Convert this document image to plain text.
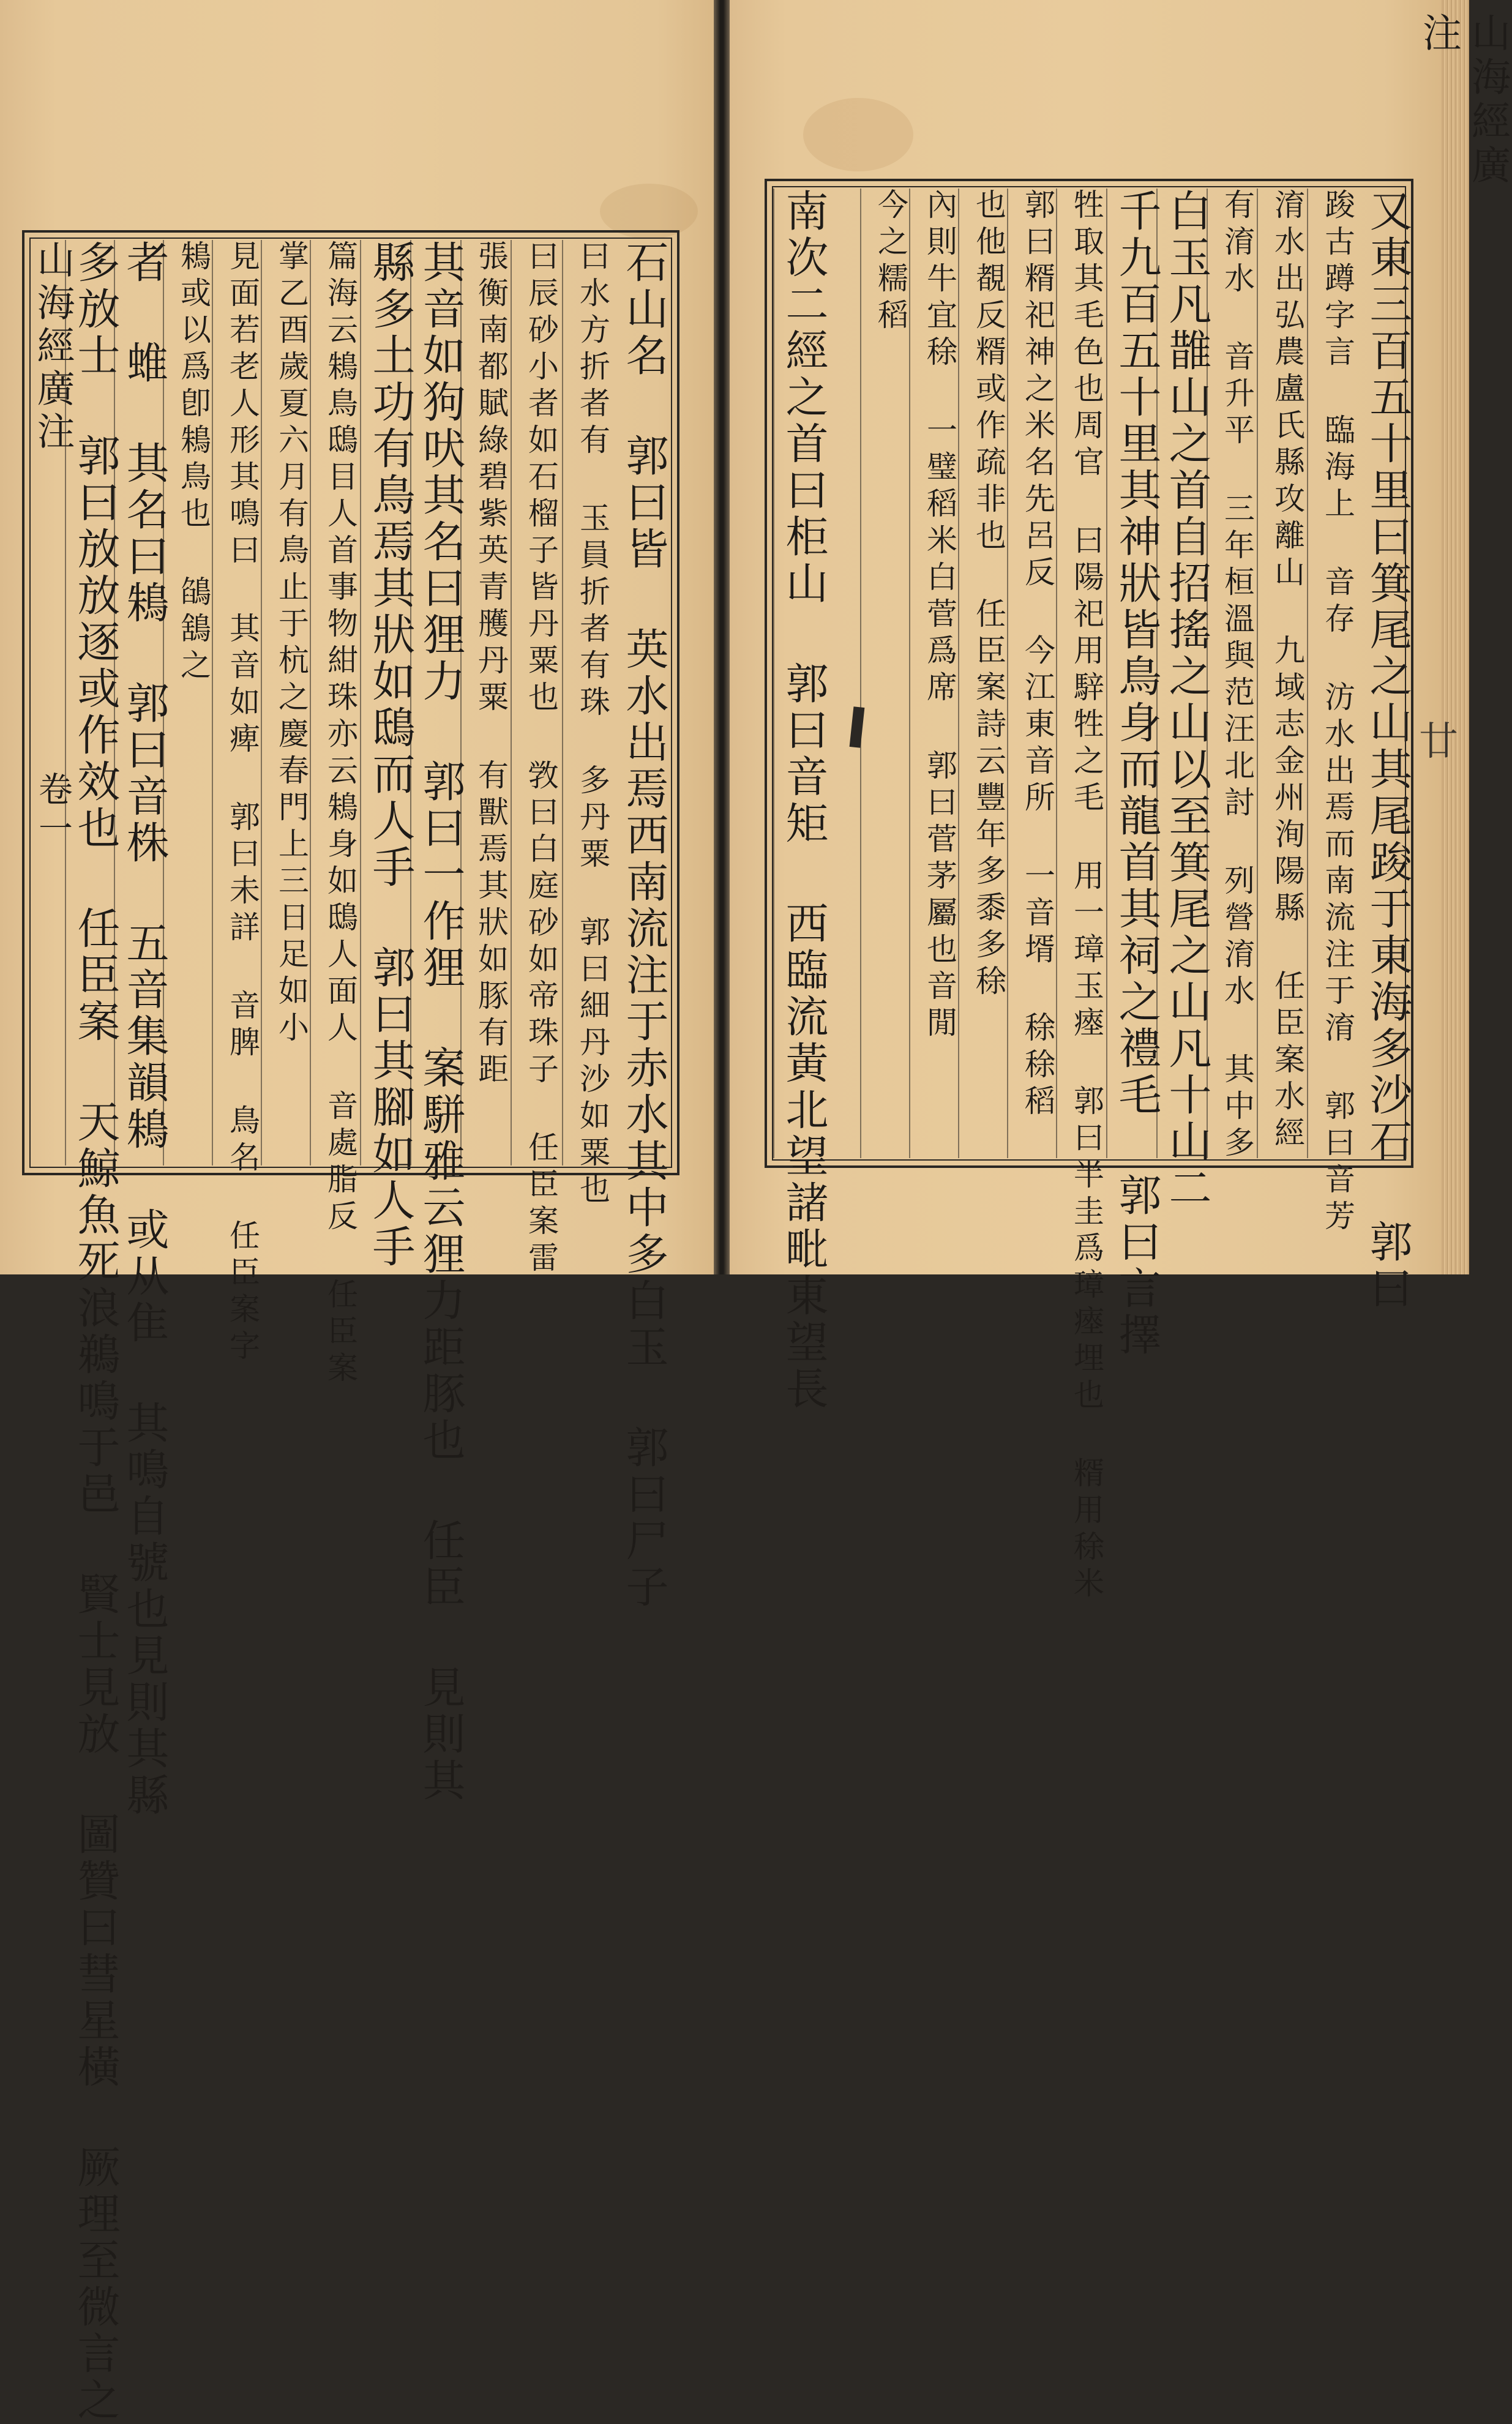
山海經廣注
卷一	石山名 郭曰皆 英水出焉西南流注于赤水其中多白玉 郭曰尸子
曰水方折者有 玉員折者有珠 多丹粟 郭曰細丹沙如粟也
曰辰砂小者如石榴子皆丹粟也 敩曰白庭砂如帝珠子 任臣案雷
張衡南都賦綠碧紫英青雘丹粟 有獸焉其狀如豚有距
其音如狗吠其名曰狸力 郭曰一作狸 案駢雅云狸力距豚也 任臣 見則其
縣多土功有鳥焉其狀如鴟而人手 郭曰其腳如人手
篇海云鴸鳥鴟目人首事物紺珠亦云鴸身如鴟人面人 音處脂反 任臣案
掌乙酉歲夏六月有鳥止于杭之慶春門上三日足如小
見面若老人形其鳴曰 其音如痺 郭曰未詳 音脾 鳥名 任臣案字
鴸或以爲卽鴸鳥也 鵮鵨之
者 蜼 其名曰鴸 郭曰音株 五音集韻鴸 或从隹 其鳴自號也見則其縣
多放士 郭曰放放逐或作效也 任臣案 天鯨魚死浪鵜鳴于邑 賢士見放 圖贊曰彗星橫 厥理至微言之	又東三百五十里曰箕尾之山其尾踆于東海多沙石 郭曰
踆古蹲字言 臨海上 音存 汸水出焉而南流注于淯 郭曰音芳
淯水出弘農盧氏縣攻離山 九域志金州洵陽縣 任臣案水經
有淯水 音升平 三年桓溫與范汪北討 列營淯水 其中多
白玉凡䧿山之首自招搖之山以至箕尾之山凡十山二
千九百五十里其神狀皆鳥身而龍首其祠之禮毛 郭曰言擇
牲取其毛色也周官 曰陽祀用騂牲之毛 用一璋玉瘞 郭曰半圭爲璋瘞埋也 糈用稌米
郭曰糈祀神之米名先呂反 今江東音所 一音壻 稌稌稻
也他覩反糈或作疏非也 任臣案詩云豐年多黍多稌
內則牛宜稌 一璧稻米白菅爲席 郭曰菅茅屬也音閒
今之糯稻
南次二經之首曰柜山 郭曰音矩 西臨流黃北望諸毗東望長
山海經廣注
廿
